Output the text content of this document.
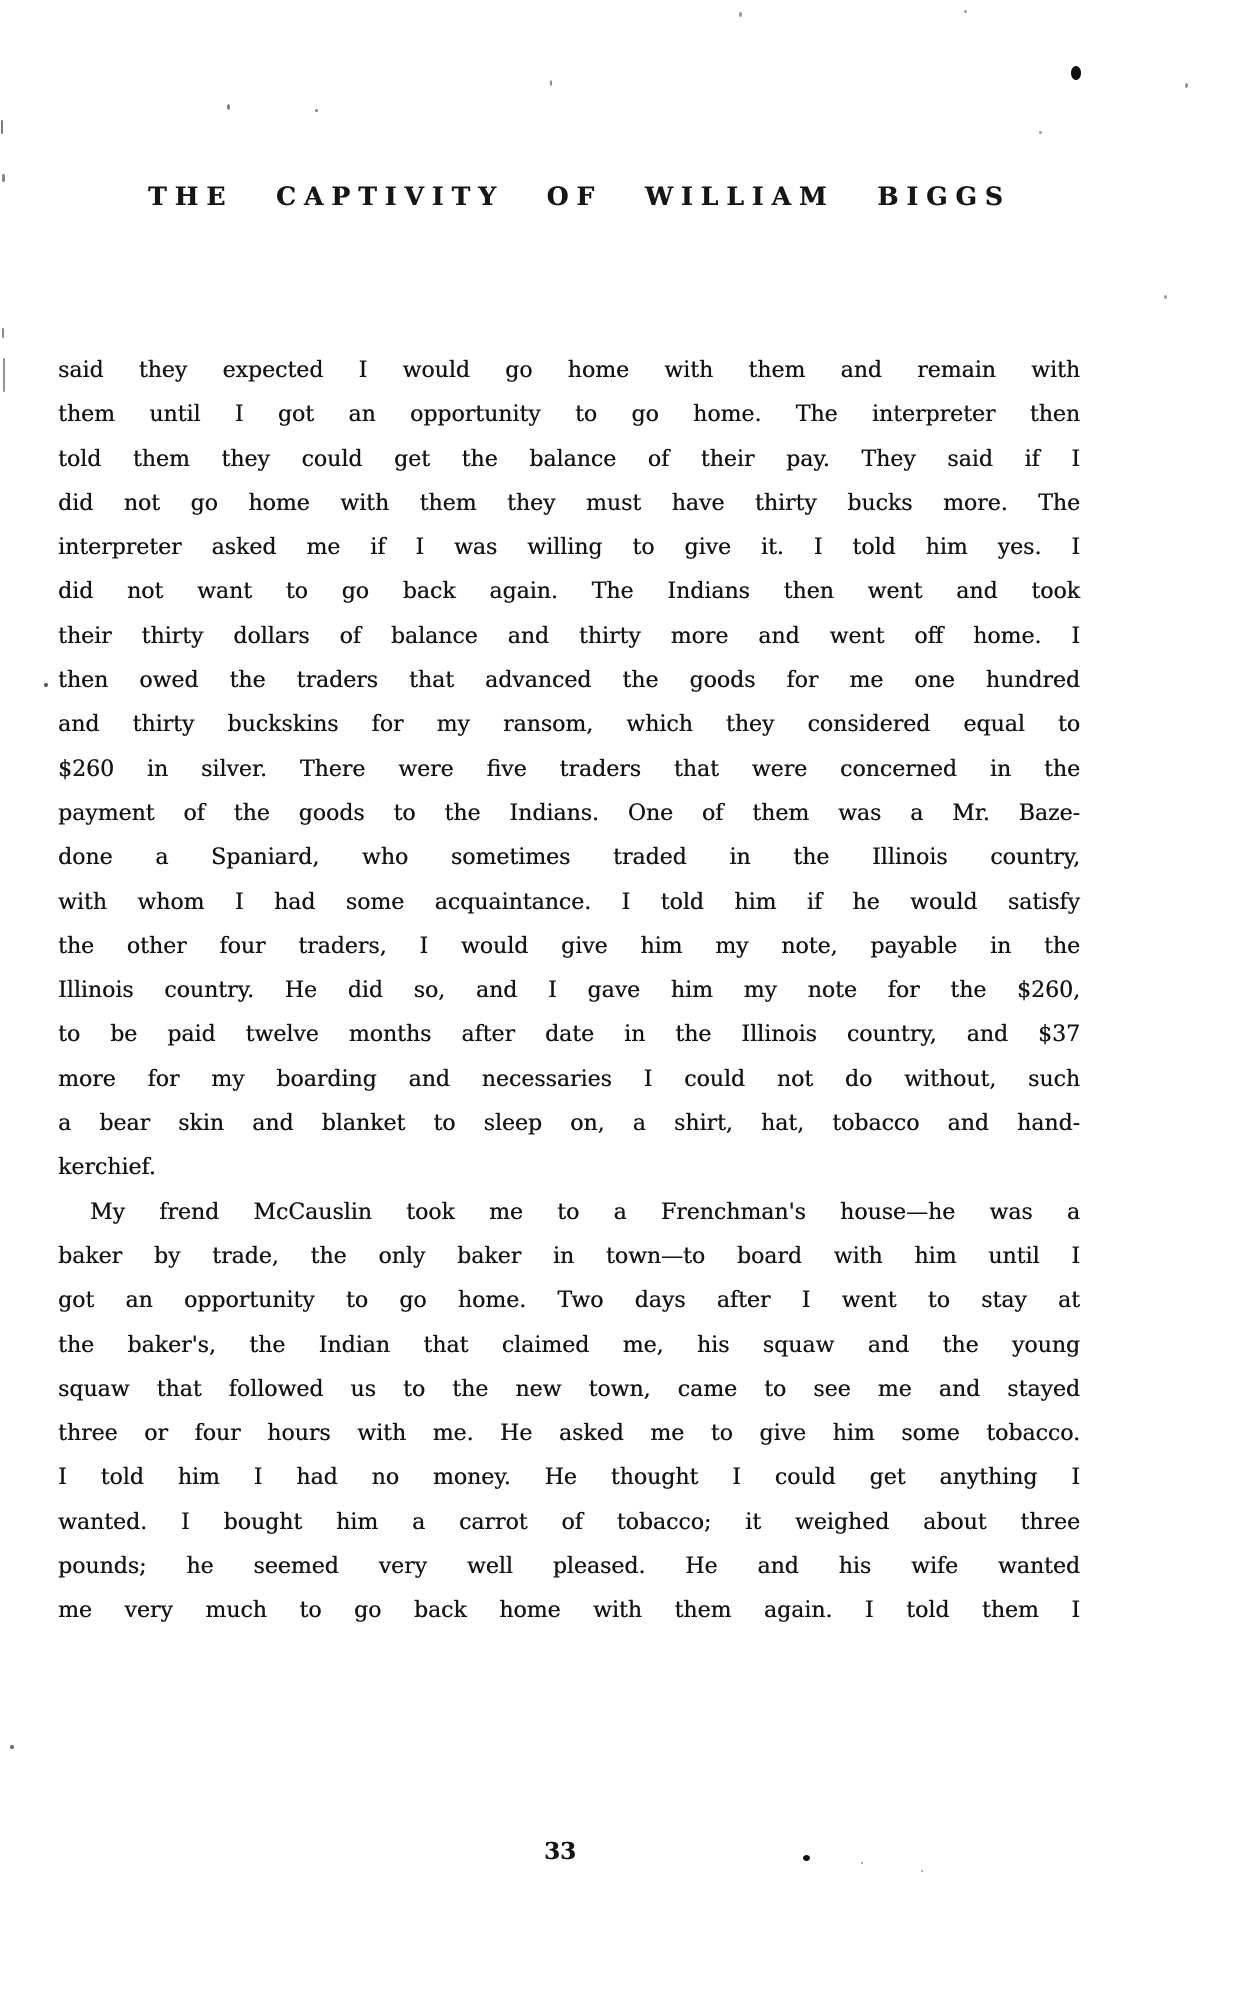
THE CAPTIVITY OF WILLIAM BIGGS
said they expected I would go home with them and remain with
them until I got an opportunity to go home. The interpreter then
told them they could get the balance of their pay. They said if I
did not go home with them they must have thirty bucks more. The
interpreter asked me if I was willing to give it. I told him yes. I
did not want to go back again. The Indians then went and took
their thirty dollars of balance and thirty more and went off home. I
then owed the traders that advanced the goods for me one hundred
and thirty buckskins for my ransom, which they considered equal to
$260 in silver. There were five traders that were concerned in the
payment of the goods to the Indians. One of them was a Mr. Baze-
done a Spaniard, who sometimes traded in the Illinois country,
with whom I had some acquaintance. I told him if he would satisfy
the other four traders, I would give him my note, payable in the
Illinois country. He did so, and I gave him my note for the $260,
to be paid twelve months after date in the Illinois country, and $37
more for my boarding and necessaries I could not do without, such
a bear skin and blanket to sleep on, a shirt, hat, tobacco and hand-
kerchief.
My frend McCauslin took me to a Frenchman's house—he was a
baker by trade, the only baker in town—to board with him until I
got an opportunity to go home. Two days after I went to stay at
the baker's, the Indian that claimed me, his squaw and the young
squaw that followed us to the new town, came to see me and stayed
three or four hours with me. He asked me to give him some tobacco.
I told him I had no money. He thought I could get anything I
wanted. I bought him a carrot of tobacco; it weighed about three
pounds; he seemed very well pleased. He and his wife wanted
me very much to go back home with them again. I told them I
33
